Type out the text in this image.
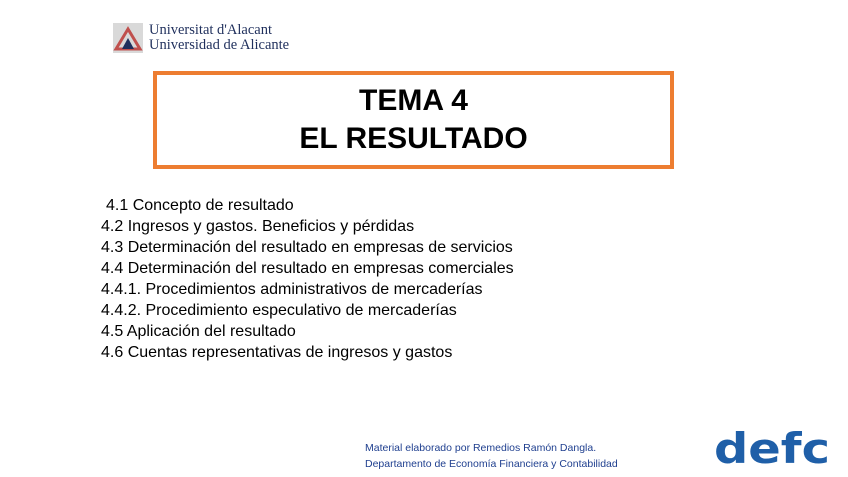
Universitat d'Alacant
Universidad de Alicante
TEMA 4
EL RESULTADO
4.1 Concepto de resultado
4.2 Ingresos y gastos. Beneficios y pérdidas
4.3 Determinación del resultado en empresas de servicios
4.4 Determinación del resultado en empresas comerciales
4.4.1. Procedimientos administrativos de mercaderías
4.4.2. Procedimiento especulativo de mercaderías
4.5 Aplicación del resultado
4.6 Cuentas representativas de ingresos y gastos
Material elaborado por Remedios Ramón Dangla.
Departamento de Economía Financiera y Contabilidad defc
